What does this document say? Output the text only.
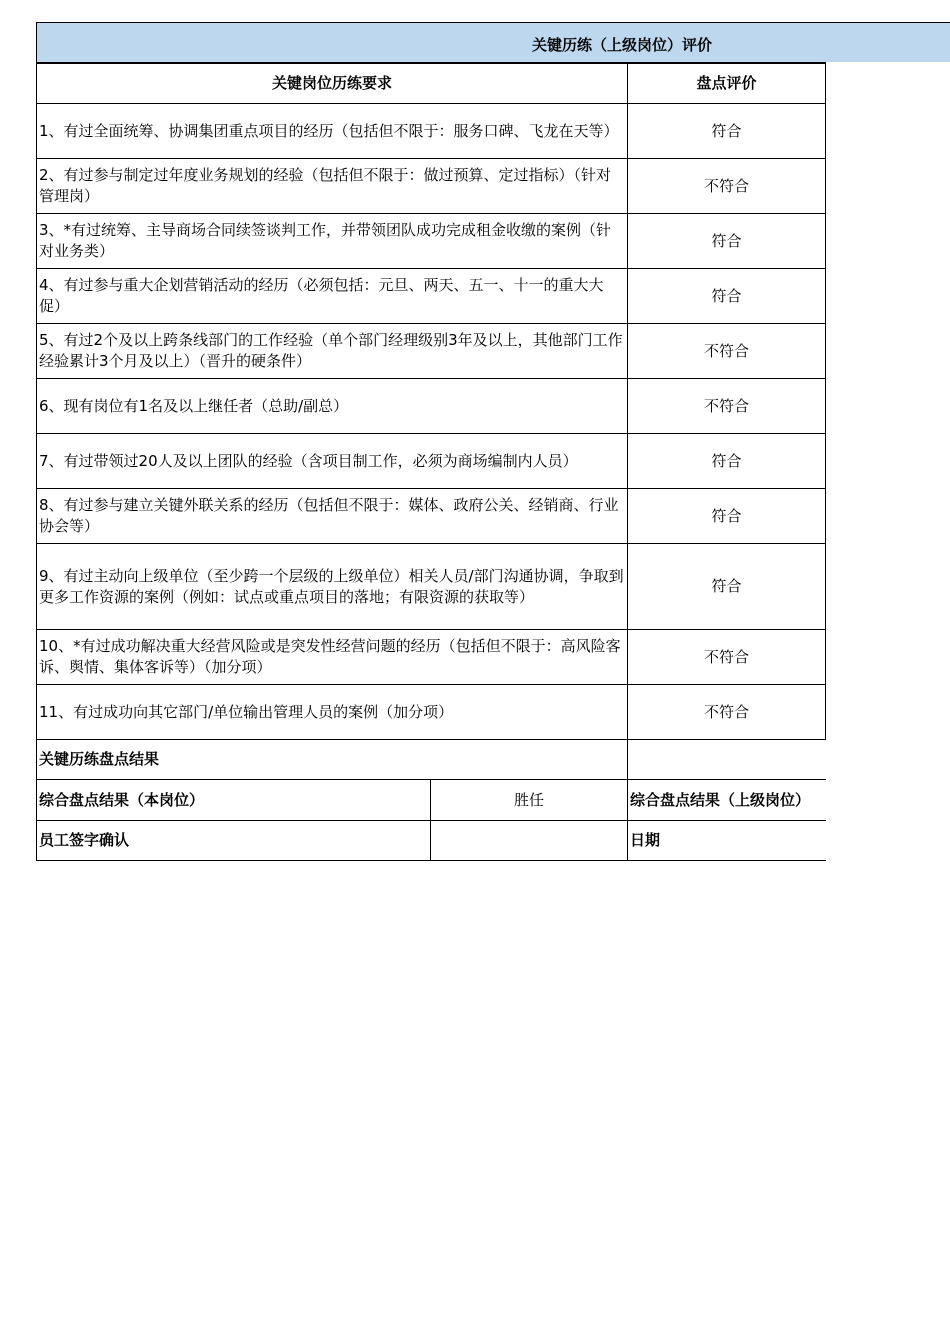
关键历练（上级岗位）评价
关键岗位历练要求		盘点评价
1、有过全面统筹、协调集团重点项目的经历（包括但不限于：服务口碑、飞龙在天等）		符合
2、有过参与制定过年度业务规划的经验（包括但不限于：做过预算、定过指标）（针对管理岗）		不符合
3、*有过统筹、主导商场合同续签谈判工作，并带领团队成功完成租金收缴的案例（针对业务类）		符合
4、有过参与重大企划营销活动的经历（必须包括：元旦、两天、五一、十一的重大大促）		符合
5、有过2个及以上跨条线部门的工作经验（单个部门经理级别3年及以上，其他部门工作经验累计3个月及以上）（晋升的硬条件）		不符合
6、现有岗位有1名及以上继任者（总助/副总）		不符合
7、有过带领过20人及以上团队的经验（含项目制工作，必须为商场编制内人员）		符合
8、有过参与建立关键外联关系的经历（包括但不限于：媒体、政府公关、经销商、行业协会等）		符合
9、有过主动向上级单位（至少跨一个层级的上级单位）相关人员/部门沟通协调，争取到更多工作资源的案例（例如：试点或重点项目的落地；有限资源的获取等）		符合
10、*有过成功解决重大经营风险或是突发性经营问题的经历（包括但不限于：高风险客诉、舆情、集体客诉等）（加分项）		不符合
11、有过成功向其它部门/单位输出管理人员的案例（加分项）		不符合
关键历练盘点结果		
综合盘点结果（本岗位）	胜任	综合盘点结果（上级岗位）
员工签字确认		日期
